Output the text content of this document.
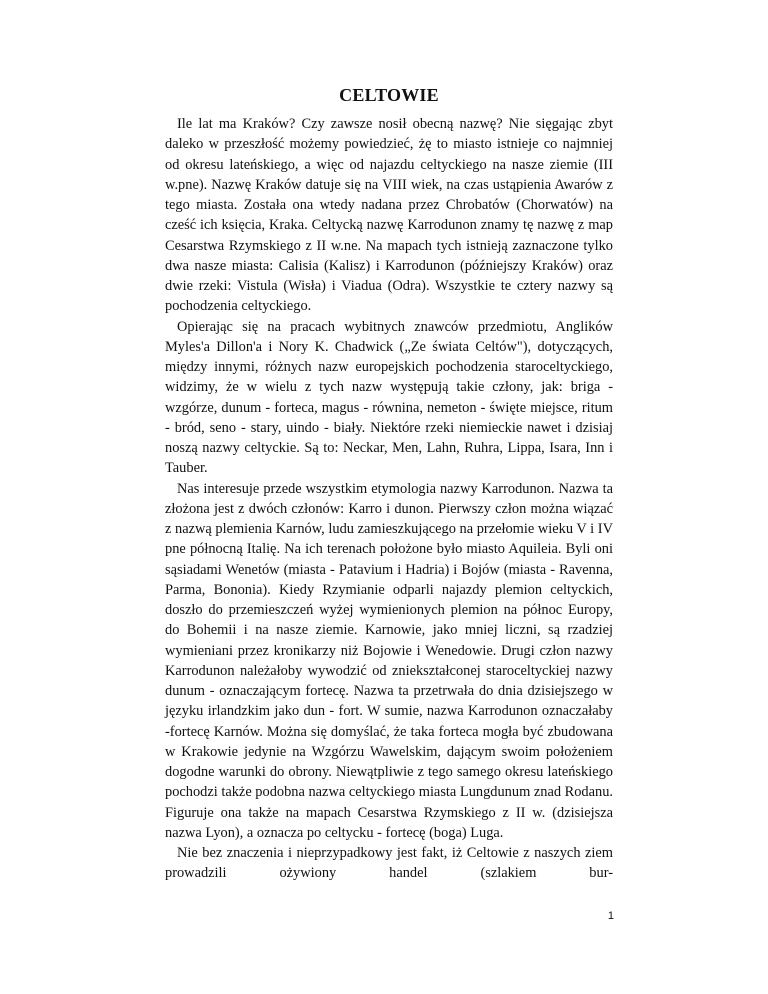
CELTOWIE

Ile lat ma Kraków? Czy zawsze nosił obecną nazwę? Nie sięgając zbyt daleko w przeszłość możemy powiedzieć, żę to miasto istnieje co najmniej od okresu lateńskiego, a więc od najazdu celtyckiego na nasze ziemie (III w.pne). Nazwę Kraków datuje się na VIII wiek, na czas ustąpienia Awarów z tego miasta. Została ona wtedy nadana przez Chrobatów (Chorwatów) na cześć ich księcia, Kraka. Celtycką nazwę Karrodunon znamy tę nazwę z map Cesarstwa Rzymskiego z II w.ne. Na mapach tych istnieją zaznaczone tylko dwa nasze miasta: Calisia (Kalisz) i Karrodunon (późniejszy Kraków) oraz dwie rzeki: Vistula (Wisła) i Viadua (Odra). Wszystkie te cztery nazwy są pochodzenia celtyckiego.

Opierając się na pracach wybitnych znawców przedmiotu, Anglików Myles'a Dillon'a i Nory K. Chadwick („Ze świata Celtów"), dotyczących, między innymi, różnych nazw europejskich pochodzenia staroceltyckiego, widzimy, że w wielu z tych nazw występują takie człony, jak: briga - wzgórze, dunum - forteca, magus - równina, nemeton - święte miejsce, ritum - bród, seno - stary, uindo - biały. Niektóre rzeki niemieckie nawet i dzisiaj noszą nazwy celtyckie. Są to: Neckar, Men, Lahn, Ruhra, Lippa, Isara, Inn i Tauber.

Nas interesuje przede wszystkim etymologia nazwy Karrodunon. Nazwa ta złożona jest z dwóch członów: Karro i dunon. Pierwszy człon można wiązać z nazwą plemienia Karnów, ludu zamieszkującego na przełomie wieku V i IV pne północną Italię. Na ich terenach położone było miasto Aquileia. Byli oni sąsiadami Wenetów (miasta - Patavium i Hadria) i Bojów (miasta - Ravenna, Parma, Bononia). Kiedy Rzymianie odparli najazdy plemion celtyckich, doszło do przemieszczeń wyżej wymienionych plemion na północ Europy, do Bohemii i na nasze ziemie. Karnowie, jako mniej liczni, są rzadziej wymieniani przez kronikarzy niż Bojowie i Wenedowie. Drugi człon nazwy Karrodunon należałoby wywodzić od zniekształconej staroceltyckiej nazwy dunum - oznaczającym fortecę. Nazwa ta przetrwała do dnia dzisiejszego w języku irlandzkim jako dun - fort. W sumie, nazwa Karrodunon oznaczałaby -fortecę Karnów. Można się domyślać, że taka forteca mogła być zbudowana w Krakowie jedynie na Wzgórzu Wawelskim, dającym swoim położeniem dogodne warunki do obrony. Niewątpliwie z tego samego okresu lateńskiego pochodzi także podobna nazwa celtyckiego miasta Lungdunum znad Rodanu. Figuruje ona także na mapach Cesarstwa Rzymskiego z II w. (dzisiejsza nazwa Lyon), a oznacza po celtycku - fortecę (boga) Luga.

Nie bez znaczenia i nieprzypadkowy jest fakt, iż Celtowie z naszych ziem prowadzili ożywiony handel (szlakiem bur-

1
